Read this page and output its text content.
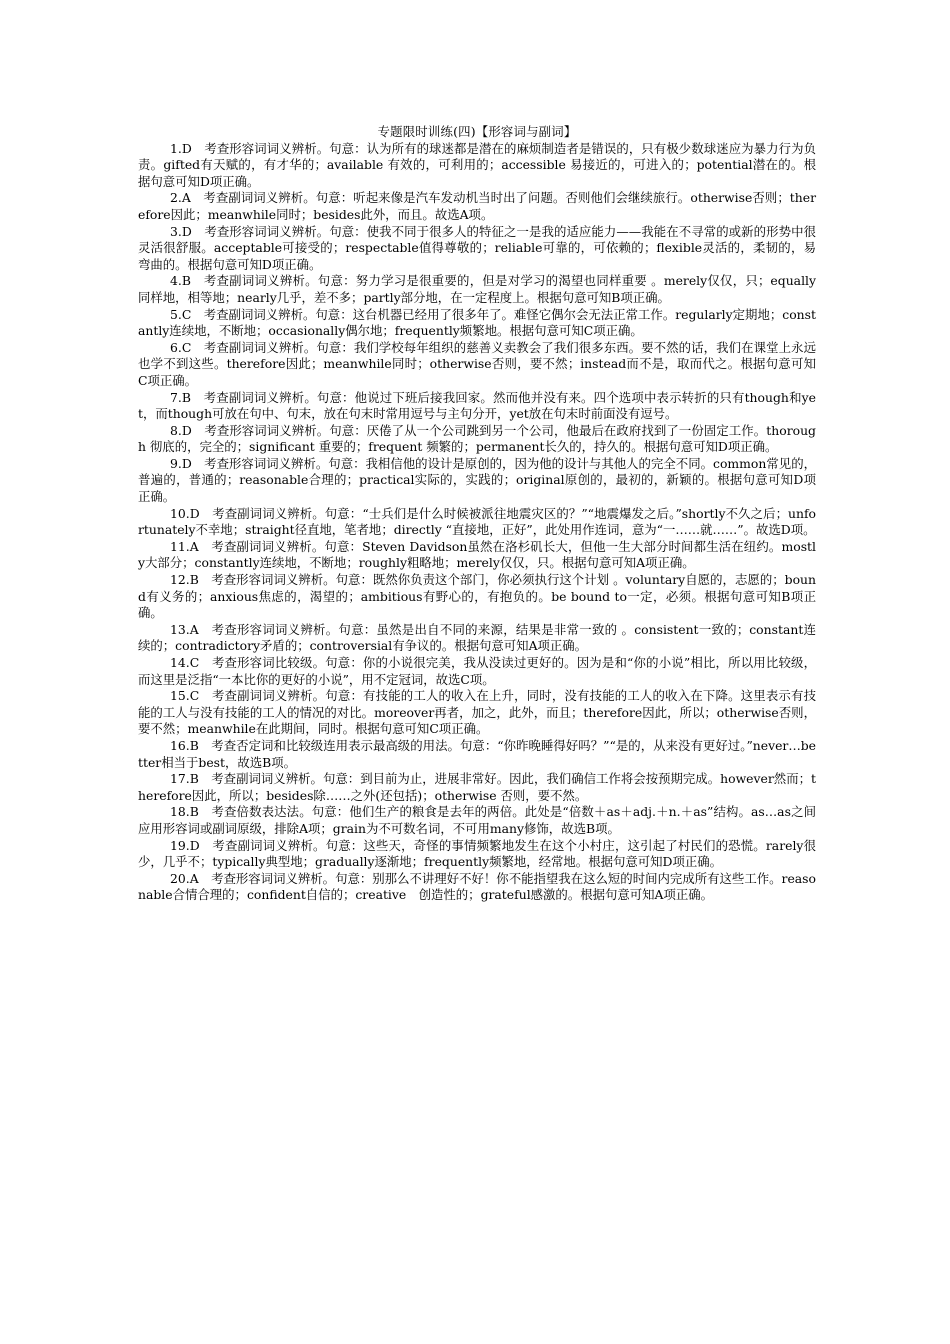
专题限时训练(四)【形容词与副词】

1.D　考查形容词词义辨析。句意：认为所有的球迷都是潜在的麻烦制造者是错误的，只有极少数球迷应为暴力行为负责。gifted有天赋的，有才华的；available 有效的，可利用的；accessible 易接近的，可进入的；potential潜在的。根据句意可知D项正确。

2.A　考查副词词义辨析。句意：听起来像是汽车发动机当时出了问题。否则他们会继续旅行。otherwise否则；therefore因此；meanwhile同时；besides此外，而且。故选A项。

3.D　考查形容词词义辨析。句意：使我不同于很多人的特征之一是我的适应能力——我能在不寻常的或新的形势中很灵活很舒服。acceptable可接受的；respectable值得尊敬的；reliable可靠的，可依赖的；flexible灵活的，柔韧的，易弯曲的。根据句意可知D项正确。

4.B　考查副词词义辨析。句意：努力学习是很重要的，但是对学习的渴望也同样重要 。merely仅仅，只；equally同样地，相等地；nearly几乎，差不多；partly部分地，在一定程度上。根据句意可知B项正确。

5.C　考查副词词义辨析。句意：这台机器已经用了很多年了。难怪它偶尔会无法正常工作。regularly定期地；constantly连续地，不断地；occasionally偶尔地；frequently频繁地。根据句意可知C项正确。

6.C　考查副词词义辨析。句意：我们学校每年组织的慈善义卖教会了我们很多东西。要不然的话，我们在课堂上永远也学不到这些。therefore因此；meanwhile同时；otherwise否则，要不然；instead而不是，取而代之。根据句意可知C项正确。

7.B　考查副词词义辨析。句意：他说过下班后接我回家。然而他并没有来。四个选项中表示转折的只有though和yet，而though可放在句中、句末，放在句末时常用逗号与主句分开，yet放在句末时前面没有逗号。

8.D　考查形容词词义辨析。句意：厌倦了从一个公司跳到另一个公司，他最后在政府找到了一份固定工作。thorough 彻底的，完全的；significant 重要的；frequent 频繁的；permanent长久的，持久的。根据句意可知D项正确。

9.D　考查形容词词义辨析。句意：我相信他的设计是原创的，因为他的设计与其他人的完全不同。common常见的，普遍的，普通的；reasonable合理的；practical实际的，实践的；original原创的，最初的，新颖的。根据句意可知D项正确。

10.D　考查副词词义辨析。句意：“士兵们是什么时候被派往地震灾区的？”“地震爆发之后。”shortly不久之后；unfortunately不幸地；straight径直地，笔者地；directly “直接地，正好”，此处用作连词，意为“一……就……”。故选D项。

11.A　考查副词词义辨析。句意：Steven Davidson虽然在洛杉矶长大，但他一生大部分时间都生活在纽约。mostly大部分；constantly连续地，不断地；roughly粗略地；merely仅仅，只。根据句意可知A项正确。

12.B　考查形容词词义辨析。句意：既然你负责这个部门，你必须执行这个计划 。voluntary自愿的，志愿的；bound有义务的；anxious焦虑的，渴望的；ambitious有野心的，有抱负的。be bound to一定，必须。根据句意可知B项正确。

13.A　考查形容词词义辨析。句意：虽然是出自不同的来源，结果是非常一致的 。consistent一致的；constant连续的；contradictory矛盾的；controversial有争议的。根据句意可知A项正确。

14.C　考查形容词比较级。句意：你的小说很完美，我从没读过更好的。因为是和“你的小说”相比，所以用比较级，而这里是泛指“一本比你的更好的小说”，用不定冠词，故选C项。

15.C　考查副词词义辨析。句意：有技能的工人的收入在上升，同时，没有技能的工人的收入在下降。这里表示有技能的工人与没有技能的工人的情况的对比。moreover再者，加之，此外，而且；therefore因此，所以；otherwise否则，要不然；meanwhile在此期间，同时。根据句意可知C项正确。

16.B　考查否定词和比较级连用表示最高级的用法。句意：“你昨晚睡得好吗？”“是的，从来没有更好过。”never…better相当于best，故选B项。

17.B　考查副词词义辨析。句意：到目前为止，进展非常好。因此，我们确信工作将会按预期完成。however然而；therefore因此，所以；besides除……之外(还包括)；otherwise 否则，要不然。

18.B　考查倍数表达法。句意：他们生产的粮食是去年的两倍。此处是“倍数＋as＋adj.＋n.＋as”结构。as…as之间应用形容词或副词原级，排除A项；grain为不可数名词，不可用many修饰，故选B项。

19.D　考查副词词义辨析。句意：这些天，奇怪的事情频繁地发生在这个小村庄，这引起了村民们的恐慌。rarely很少，几乎不；typically典型地；gradually逐渐地；frequently频繁地，经常地。根据句意可知D项正确。

20.A　考查形容词词义辨析。句意：别那么不讲理好不好！你不能指望我在这么短的时间内完成所有这些工作。reasonable合情合理的；confident自信的；creative　创造性的；grateful感激的。根据句意可知A项正确。
